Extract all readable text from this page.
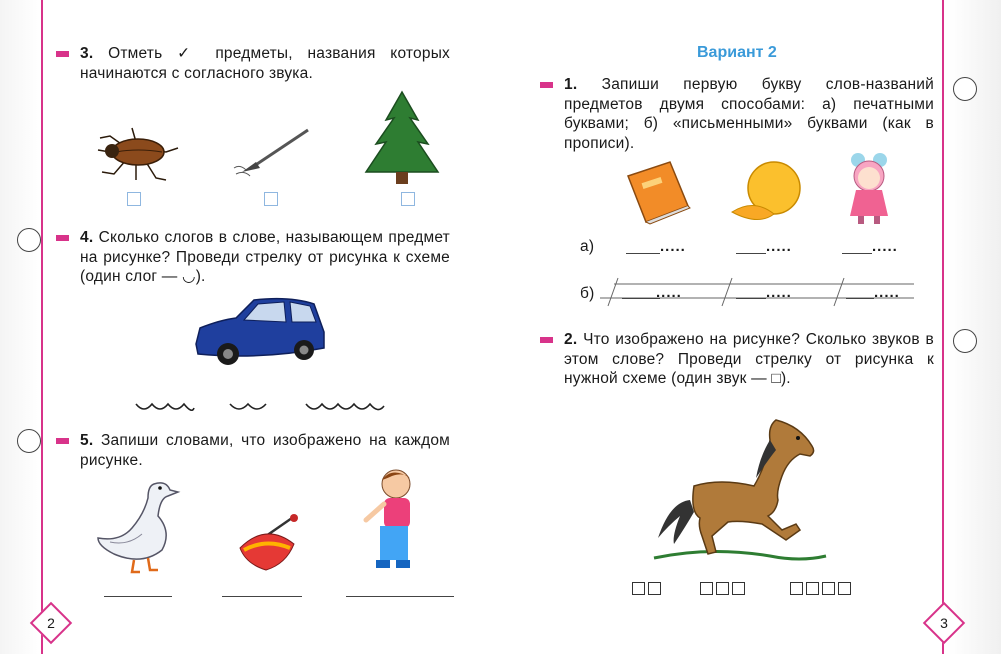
3. Отметь ✓ предметы, названия которых начинаются с согласного звука.
4. Сколько слогов в слове, называющем предмет на рисунке? Проведи стрелку от рисунка к схеме (один слог — ◡).
5. Запиши словами, что изображено на каждом рисунке.
2
Вариант 2
1. Запиши первую букву слов-названий предметов двумя способами: а) печатными буквами; б) «письменными» буквами (как в прописи).
а)	.....	.....	.....
б)	.....	.....	.....
2. Что изображено на рисунке? Сколько звуков в этом слове? Проведи стрелку от рисунка к нужной схеме (один звук — □).
3
